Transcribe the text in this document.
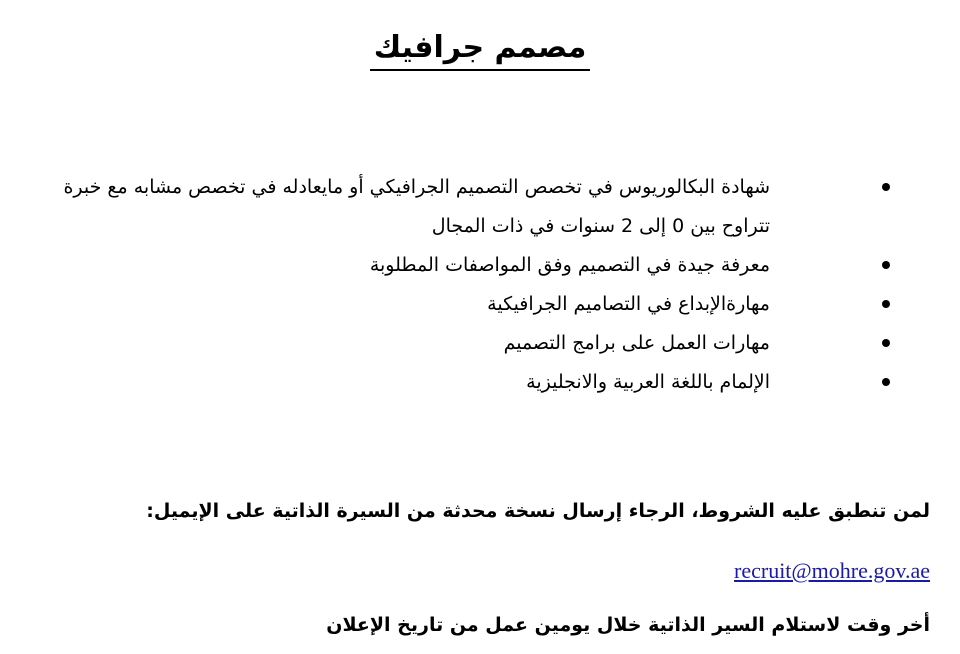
مصمم جرافيك
شهادة البكالوريوس في تخصص التصميم الجرافيكي أو مايعادله في تخصص مشابه مع خبرة تتراوح بين 0 إلى 2 سنوات في ذات المجال
معرفة جيدة في التصميم وفق المواصفات المطلوبة
مهارةالإبداع في التصاميم الجرافيكية
مهارات العمل على برامج التصميم
الإلمام باللغة العربية والانجليزية

لمن تنطبق عليه الشروط، الرجاء إرسال نسخة محدثة من السيرة الذاتية على الإيميل:

recruit@mohre.gov.ae

أخر وقت لاستلام السير الذاتية خلال يومين عمل من تاريخ الإعلان
